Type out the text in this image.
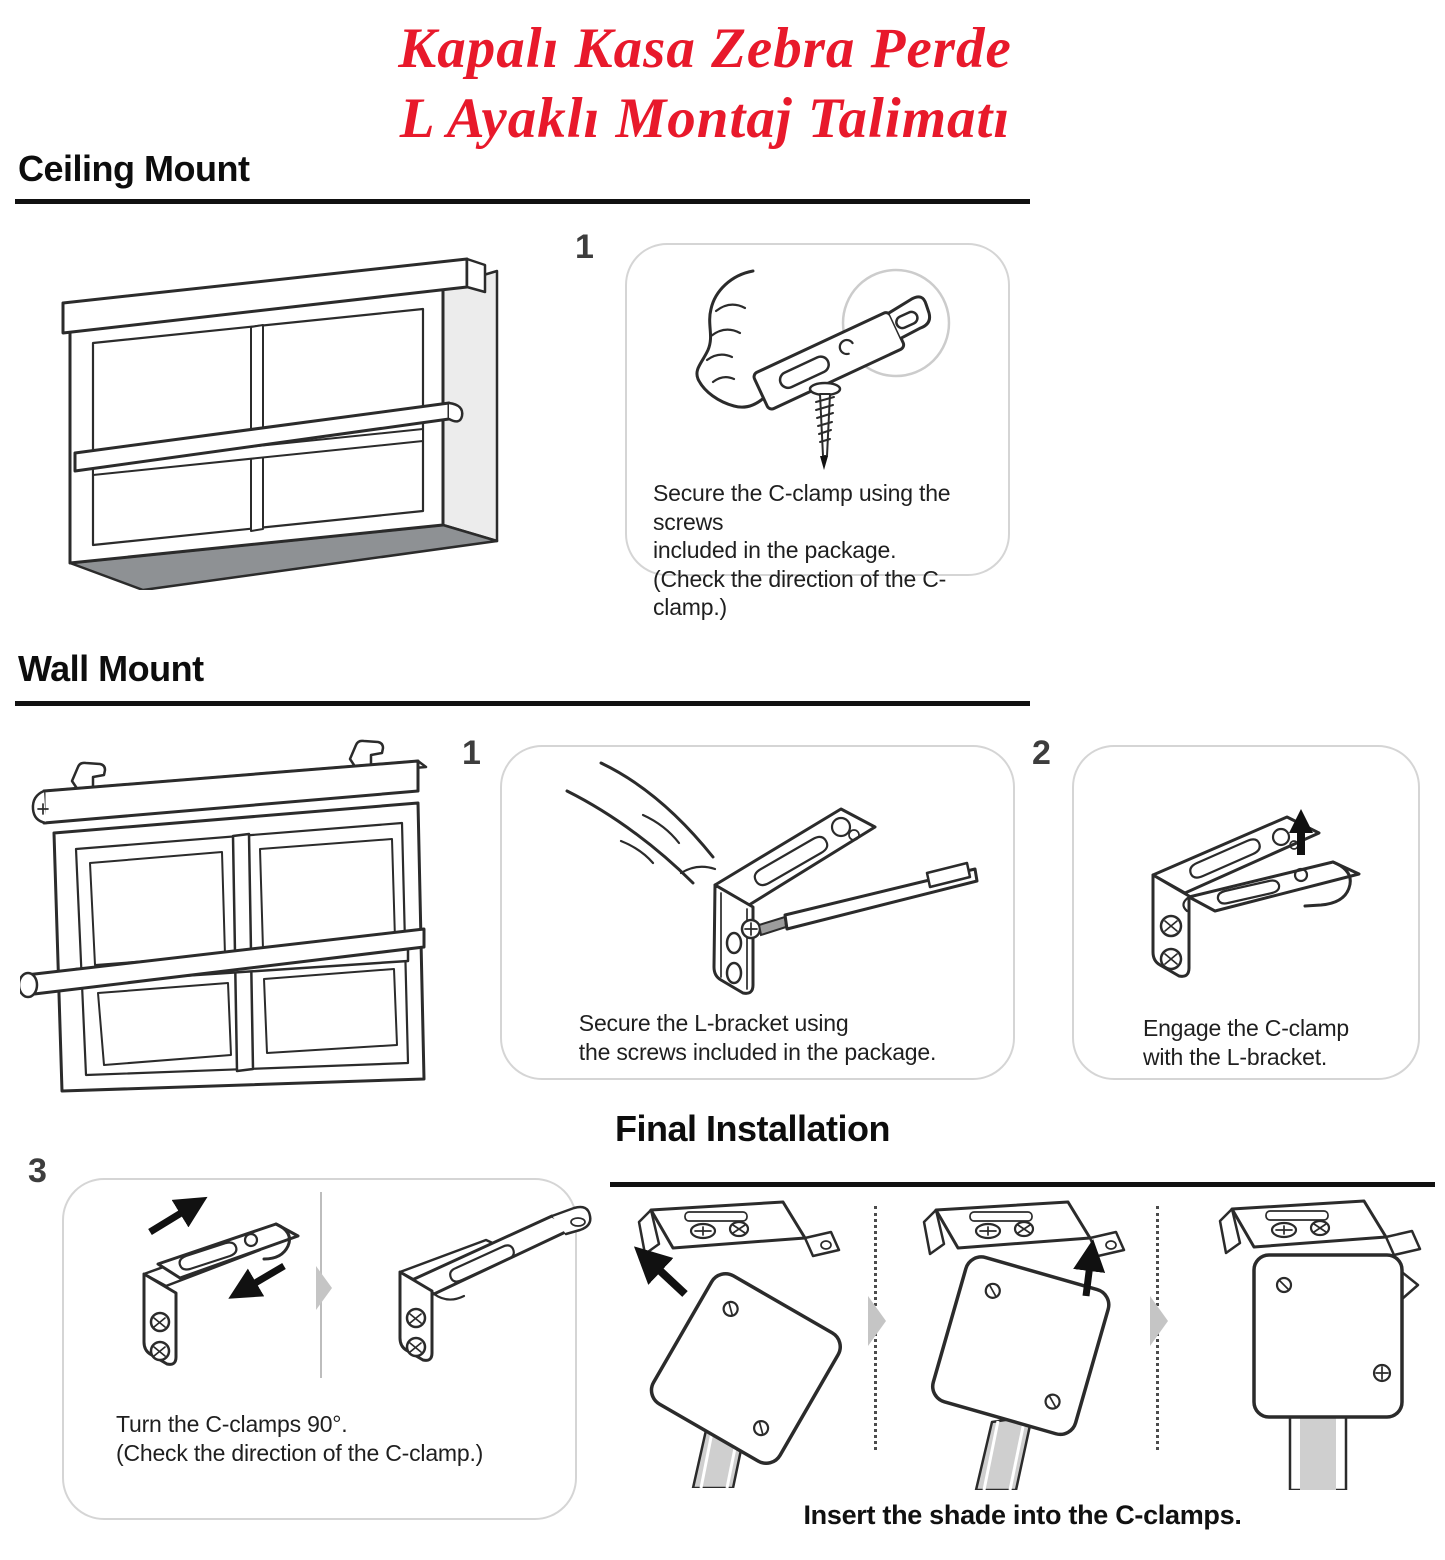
Kapalı Kasa Zebra Perde
L Ayaklı Montaj Talimatı
Ceiling Mount
1
Secure the C-clamp using the screws
included in the package.
(Check the direction of the C-clamp.)
Wall Mount
1
Secure the L-bracket using
the screws included in the package.
2
Engage the C-clamp
with the L-bracket.
Final Installation
3
Turn the C-clamps 90°.
(Check the direction of the C-clamp.)
Insert the shade into the C-clamps.
